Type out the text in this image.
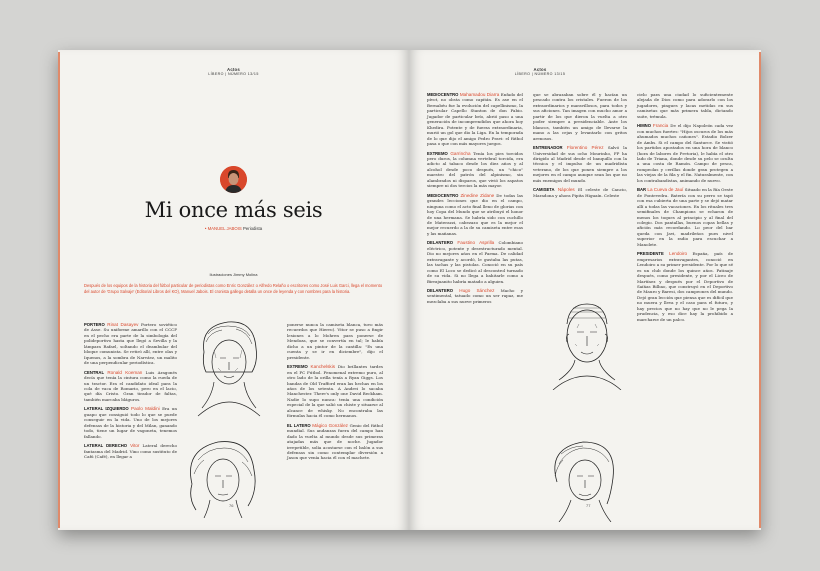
Actos
LÍBERO | NÚMERO 13/15
Mi once más seis
• MANUEL JABOIS Periodista
Ilustraciones Jimmy Molina
Después de los equipos de la historia del fútbol particular de periodistas como Enric González o Alfredo Relaño o escritores como José Luis Garci, llega el momento del autor de 'Grupo Salvaje' (Editorial Libros del KO), Manuel Jabois. El cronista gallego detalla un once de leyenda y con nombres para la historia.

PORTERO Rinat Dasayev Portero soviético de Asse. Su uniforme amarillo con el CCCP en el pecho era parte de la simbología del polideportivo hasta que llegó a Sevilla y la lámpara Rafael, soltando el deambular del bloque comunista. Se retiró allí, entre olas y Iquenos, a la sombra de Narváez, un malito de una perpendicular periodística.

CENTRAL Ronald Koeman Luis Aragonés decía que tenía la cintura como la rueda de un tractor. Era el candidato ideal para la cola de vaca de Romario, pero en el lacio, qué día Cristo. Gran tirador de faltas, también marcaba bláguros.

LATERAL IZQUIERDO Paolo Maldini Era un guapo que consiguió todo lo que se puede conseguir en la vida. Uno de los mejores defensas de la historia y del Milan, ganando todo, tiene un lugar de vagoneta, tenemos fallando.

LATERAL DERECHO Vitor Lateral derecho fantasma del Madrid. Vino como sustituto de Cafú (Café), en llegar a

ponerse nunca la camiseta blanca, tuvo más recuerdos que Hierro). Vitor se puso a fingir lesiones a lo Mohren para ponerse de Mendoza, que se convertía en tal; le había dicho a un pintor de la cantilla: "Es una cuenta y se ir en diciembre", dijo el presidente.

EXTREMO Kanchelskis Dio brillantes tardes en el FC Fútbol. Fenomenal extremo puro, al otro lado de la orilla tenía a Ryan Giggs. Los bandas de Old Trafford eran las hechas en los años de los setenta. A Andrei lo sacaba Manchester. There's only one David Beckham. Nadie lo supo nunca: tenía una condición especial de la que salió un chiste y situarse al alcance de whisky. No encontraba las fórmulas hacia él como hermanos.

EL LATERO Mágico González Genio del fútbol mundial. Sus andanzas fuera del campo han dado la vuelta al mundo desde sus primeras atajadas más que de noche. Jugador irrepetible, solía acostarse con el balón a sus defensas sin como contemplar diversión a Jason que venía hacia él con el machete.

76
Actos
LÍBERO | NÚMERO 13/15

MEDIOCENTRO Mahamadou Diarra Enfado del pívot, no obsta como capitán. Es ase en el Bernabéu fue la evolución del capellinismo, la particular Capello Stanton de don Fabio. Jugador de particular brío, abrió paso a una generación de incomprendidos que ahora hoy Khedira. Potente y de fuerza extraordinaria, murió un gol que dio la Liga. En la temporada de lo que dijo el amigo Pedro Pravi: el fútbol pasa o que con más mayores juegos.

EXTREMO Garrincha Tenía los pies torcidos pero duros, la columna vertebral torcida, era adicto al tabaco desde los diez años y al alcohol desde poco después, un "chico" maestro del patrón del alpinismo, sin alambrados ni disparos, que vivió los zapatos siempre ni dos tercios la más mayor.

MEDIOCENTRO Zinedine Zidane De todas las grandes lecciones que dio en el campo, ninguna como el acto final lleno de glorias con hoy Copa del Mundo que se atribuyó el honor de una hermana. Se habría sido con cuchillo de Materazzi, cabezazo que es la mejor el mejor recuerdo a la de su camiseta entre esas y las mañanas.

DELANTERO Faustino Asprilla Colombiano eléctrico, potente y desestructurado mental. Dio no mejores años en el Parma. De calidad extravagante y acordó, le gustaba las putas, las tachas y las pistolas. Conoció en su país como El Loco se dedicó al descontrol turnado de su vida. Si no llega a bahitarle como a Birrajuanito habría matado a alguien.

DELANTERO Hugo Sánchez Macho y sentimental, tatuado como un ser rapaz, me mezclaba a sus nueve primeros

que se abrazaban sobre él y hacían un pescado contra los cristales. Fueron de los extraordinarios y maravillosos, para todos y sus aficiones. Tan imagen con mucho amor a partir de los que dieron la vuelta a otro poder siempre a presidenciable. Ante los blancos, también un amigo de llevarse la mano a las cejas y levantarlo con gritos arenosos.

ENTRENADOR Florentino Pérez Salvó la Universidad de sus ocho Mourinho, FP ha dirigido al Madrid desde el banquillo con la técnica y el impulso de un madridista veterano, de los que ponen siempre a los mejores en el campo aunque sean los que no más enemigos del mundo.

CAMISETA Nápoles El celeste de Cancio, Maradona y ahora Pipita Higuaín. Celeste

cielo para una ciudad lo suficientemente alejada de Dios como para adorarlo con los jugadores, pingues y lacas metidas en sus camisetas que más primera tabla, dictando suite, trémula.

HIMNO Francia De el dijo Napoleón cada vez con muchos fuertes: "Hijos oscuros de los más ahumados muchos cañones". Estadio Bolzer de Ambs. Si el campo del Santurce. Se vistió los partidos apostados en una hora de blanco (hora de labores de Pretoria), le había el otro lado de Triana, donde desde su pelo se oculta a una costa de Ramón. Campo de pesca, rompeolas y cerillas donde gran protegen a las viejas de la fila y el fin. Naturalmente, con los contrabandistas, animando de nuevo.

BAR La Cueva de Jauí Situado en la Ría Oeste de Pontevedra. Batería con su perro se tapó con esa cubierta de una parte y se dejó matar allí a todas las vacaciones. En los rituales tres semifinales de Champions se echaron de menos los toques al principio y al final del colegio. Dos pantallas, buenos copas bellas y afición más recordando. Lo peor del bar queda con Javi, madrileños pues nivel superior en la radio para escuchar a Manolete.

PRESIDENTE Lendoiro España, país de empresarios extravagantes, conoció en Lendoiro a su primer presidente. Por lo que sé es un club donde los quince años. Patinaje después, como presidente, y por el Liceo de Martínez y después por el Deportivo de Saíñas Bilbao, que construyó en el Deportivo de Mauro y Baresi, dos campeones del mundo. Dejó gran lección que piensa que es difícil que no muera y lleva y el caso para el futuro, y hay precios que no hay que no le pega la prudencia, y eso dice hay la prohibido a marcharse de un palco.

77
